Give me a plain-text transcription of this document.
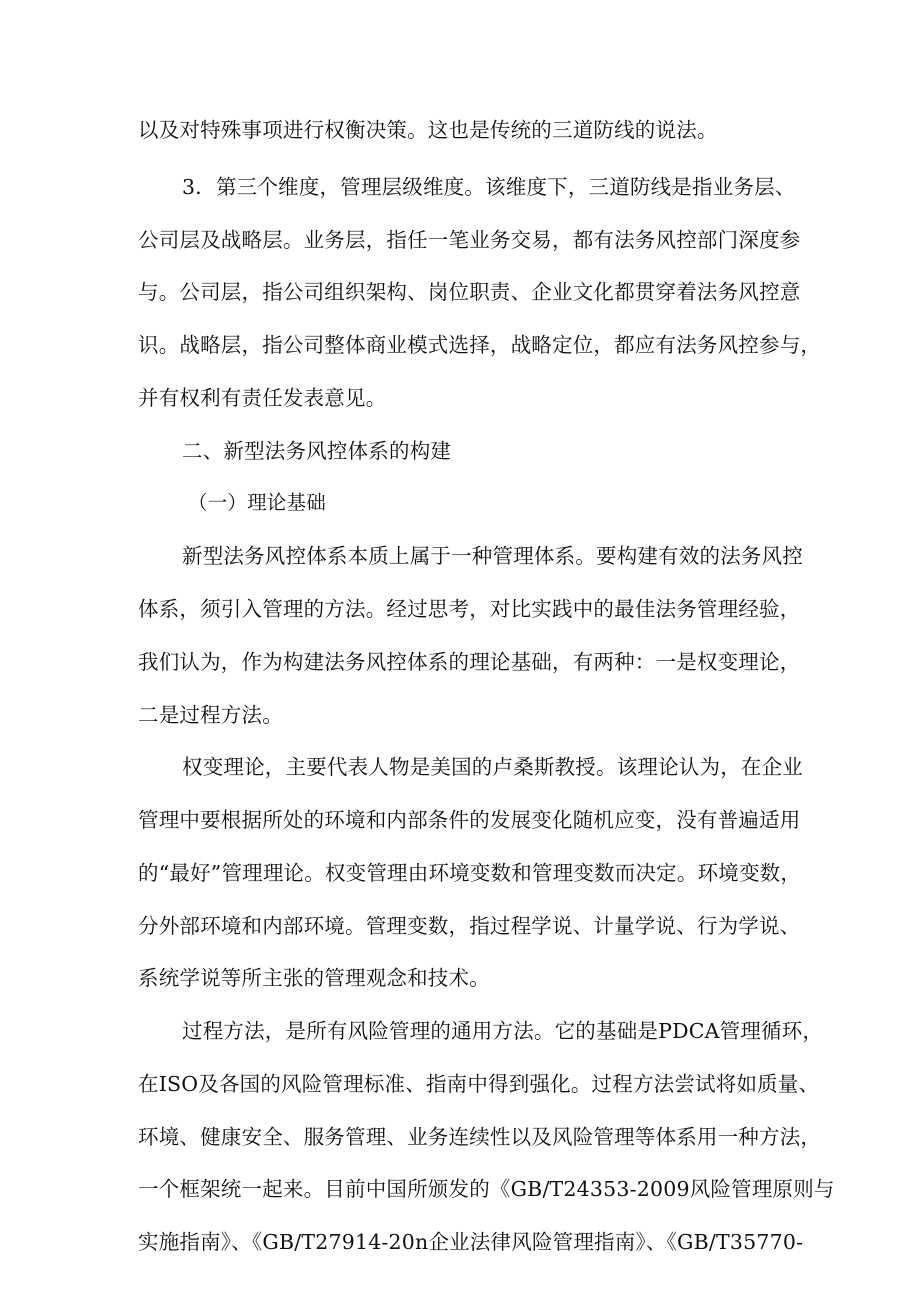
以及对特殊事项进行权衡决策。这也是传统的三道防线的说法。
3．第三个维度，管理层级维度。该维度下，三道防线是指业务层、
公司层及战略层。业务层，指任一笔业务交易，都有法务风控部门深度参
与。公司层，指公司组织架构、岗位职责、企业文化都贯穿着法务风控意
识。战略层，指公司整体商业模式选择，战略定位，都应有法务风控参与，
并有权利有责任发表意见。
二、新型法务风控体系的构建
（一）理论基础
新型法务风控体系本质上属于一种管理体系。要构建有效的法务风控
体系，须引入管理的方法。经过思考，对比实践中的最佳法务管理经验，
我们认为，作为构建法务风控体系的理论基础，有两种：一是权变理论，
二是过程方法。
权变理论，主要代表人物是美国的卢桑斯教授。该理论认为，在企业
管理中要根据所处的环境和内部条件的发展变化随机应变，没有普遍适用
的“最好”管理理论。权变管理由环境变数和管理变数而决定。环境变数，
分外部环境和内部环境。管理变数，指过程学说、计量学说、行为学说、
系统学说等所主张的管理观念和技术。
过程方法，是所有风险管理的通用方法。它的基础是PDCA管理循环，
在ISO及各国的风险管理标准、指南中得到强化。过程方法尝试将如质量、
环境、健康安全、服务管理、业务连续性以及风险管理等体系用一种方法，
一个框架统一起来。目前中国所颁发的《GB/T24353-2009风险管理原则与
实施指南》、《GB/T27914-20n企业法律风险管理指南》、《GB/T35770-
